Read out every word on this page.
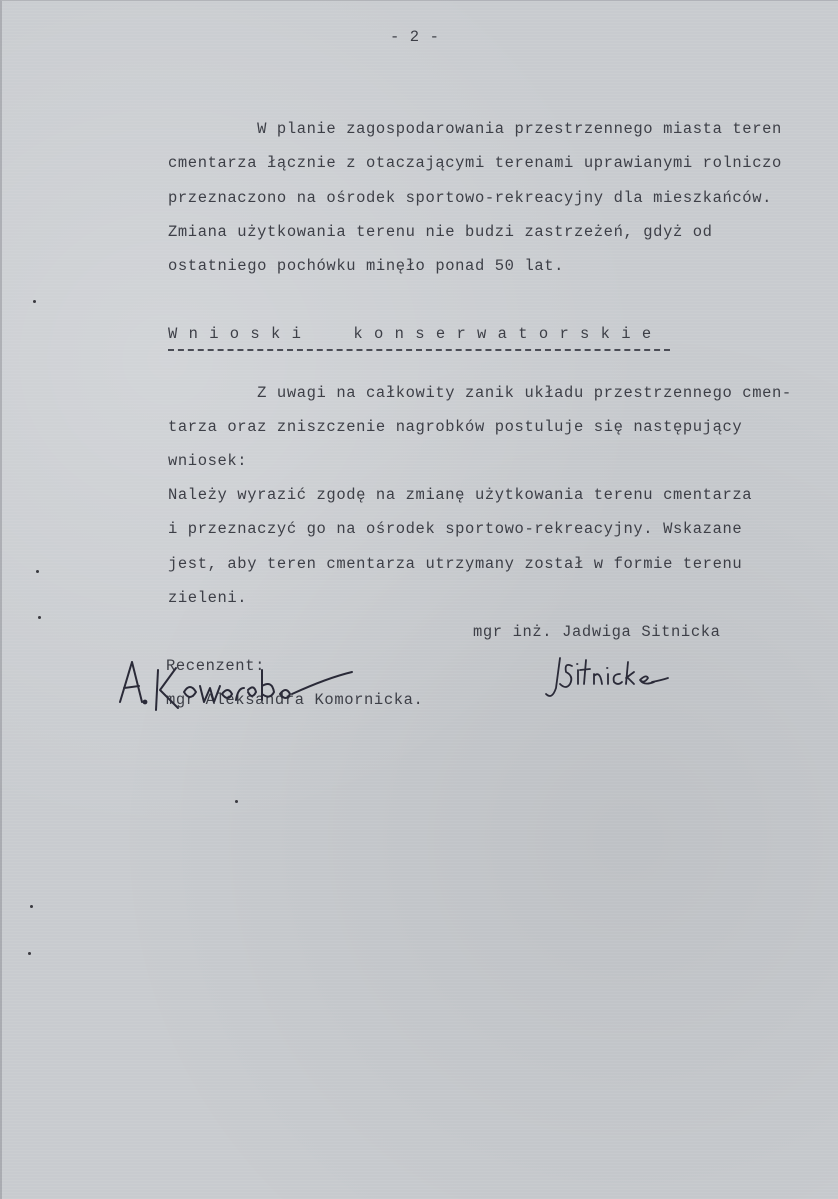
- 2 -

W planie zagospodarowania przestrzennego miasta teren

cmentarza łącznie z otaczającymi terenami uprawianymi rolniczo

przeznaczono na ośrodek sportowo-rekreacyjny dla mieszkańców.

Zmiana użytkowania terenu nie budzi zastrzeżeń, gdyż od

ostatniego pochówku minęło ponad 50 lat.

W n i o s k i     k o n s e r w a t o r s k i e

Z uwagi na całkowity zanik układu przestrzennego cmen-

tarza oraz zniszczenie nagrobków postuluje się następujący

wniosek:

Należy wyrazić zgodę na zmianę użytkowania terenu cmentarza

i przeznaczyć go na ośrodek sportowo-rekreacyjny. Wskazane

jest, aby teren cmentarza utrzymany został w formie terenu

zieleni.

mgr inż. Jadwiga Sitnicka

Recenzent:

mgr Aleksandra Komornicka.
